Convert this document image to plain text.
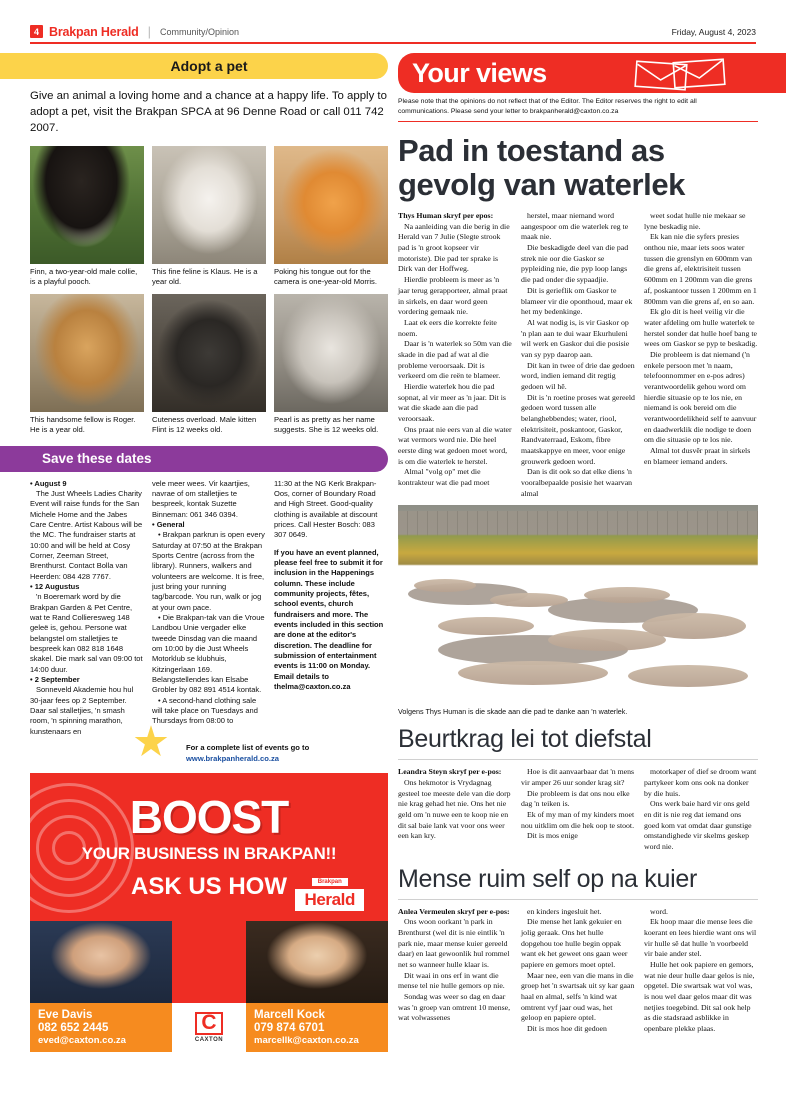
4 Brakpan Herald | Community/Opinion	Friday, August 4, 2023
Adopt a pet
Give an animal a loving home and a chance at a happy life. To apply to adopt a pet, visit the Brakpan SPCA at 96 Denne Road or call 011 742 2007.
Finn, a two-year-old male collie, is a playful pooch.
This fine feline is Klaus. He is a year old.
Poking his tongue out for the camera is one-year-old Morris.
This handsome fellow is Roger. He is a year old.
Cuteness overload. Male kitten Flint is 12 weeks old.
Pearl is as pretty as her name suggests. She is 12 weeks old.
Save these dates

• August 9

The Just Wheels Ladies Charity Event will raise funds for the San Michele Home and the Jabes Care Centre. Artist Kabous will be the MC. The fundraiser starts at 10:00 and will be held at Cosy Corner, Zeeman Street, Brenthurst. Contact Bolla van Heerden: 084 428 7767.

• 12 Augustus

'n Boeremark word by die Brakpan Garden & Pet Centre, wat te Rand Collieresweg 148 geleë is, gehou. Persone wat belangstel om stalletjies te bespreek kan 082 818 1648 skakel. Die mark sal van 09:00 tot 14:00 duur.

• 2 September

Sonneveld Akademie hou hul 30-jaar fees op 2 September. Daar sal stalletjies, 'n smash room, 'n spinning marathon, kunstenaars en

vele meer wees. Vir kaartjies, navrae of om stalletjies te bespreek, kontak Suzette Binneman: 061 346 0394.

• General

• Brakpan parkrun is open every Saturday at 07:50 at the Brakpan Sports Centre (across from the library). Runners, walkers and volunteers are welcome. It is free, just bring your running tag/barcode. You run, walk or jog at your own pace.

• Die Brakpan-tak van die Vroue Landbou Unie vergader elke tweede Dinsdag van die maand om 10:00 by die Just Wheels Motorklub se klubhuis, Kitzingerlaan 169. Belangstellendes kan Elsabe Grobler by 082 891 4514 kontak.

• A second-hand clothing sale will take place on Tuesdays and Thursdays from 08:00 to

11:30 at the NG Kerk Brakpan-Oos, corner of Boundary Road and High Street. Good-quality clothing is available at discount prices. Call Hester Bosch: 083 307 0649.

If you have an event planned, please feel free to submit it for inclusion in the Happenings column. These include community projects, fêtes, school events, church fundraisers and more. The events included in this section are done at the editor's discretion. The deadline for submission of entertainment events is 11:00 on Monday. Email details to thelma@caxton.co.za

For a complete list of events go to
www.brakpanherald.co.za
BOOST
YOUR BUSINESS IN BRAKPAN!!
ASK US HOW	Brakpan
Herald
Eve Davis
082 652 2445
eved@caxton.co.za
C
CAXTON
Marcell Kock
079 874 6701
marcellk@caxton.co.za
Your views
Please note that the opinions do not reflect that of the Editor. The Editor reserves the right to edit all communications. Please send your letter to brakpanherald@caxton.co.za
Pad in toestand as gevolg van waterlek

Thys Human skryf per epos:

Na aanleiding van die berig in die Herald van 7 Julie (Slegte strook pad is 'n groot kopseer vir motoriste). Die pad ter sprake is Dirk van der Hoffweg.

Hierdie probleem is meer as 'n jaar terug gerapporteer, almal praat in sirkels, en daar word geen vordering gemaak nie.

Laat ek eers die korrekte feite noem.

Daar is 'n waterlek so 50m van die skade in die pad af wat al die probleme veroorsaak. Dit is verkeerd om die reën te blameer.

Hierdie waterlek hou die pad sopnat, al vir meer as 'n jaar. Dit is wat die skade aan die pad veroorsaak.

Ons praat nie eers van al die water wat vermors word nie. Die heel eerste ding wat gedoen moet word, is om die waterlek te herstel.

Almal "volg op" met die kontrakteur wat die pad moet

herstel, maar niemand word aangespoor om die waterlek reg te maak nie.

Die beskadigde deel van die pad strek nie oor die Gaskor se pypleiding nie, die pyp loop langs die pad onder die sypaadjie.

Dit is gerieflik om Gaskor te blameer vir die oponthoud, maar ek het my bedenkinge.

Al wat nodig is, is vir Gaskor op 'n plan aan te dui waar Ekurhuleni wil werk en Gaskor dui die posisie van sy pyp daarop aan.

Dit kan in twee of drie dae gedoen word, indien iemand dit regtig gedoen wil hê.

Dit is 'n roetine proses wat gereeld gedoen word tussen alle belanghebbendes; water, riool, elektrisiteit, poskantoor, Gaskor, Randvaterraad, Eskom, fibre maatskappye en meer, voor enige grouwerk gedoen word.

Dan is dit ook so dat elke diens 'n vooralbepaalde posisie het waarvan almal

weet sodat hulle nie mekaar se lyne beskadig nie.

Ek kan nie die syfers presies onthou nie, maar iets soos water tussen die grenslyn en 600mm van die grens af, elektrisiteit tussen 600mm en 1 200mm van die grens af, poskantoor tussen 1 200mm en 1 800mm van die grens af, en so aan.

Ek glo dit is heel veilig vir die water afdeling om hulle waterlek te herstel sonder dat hulle hoef bang te wees om Gaskor se pyp te beskadig.

Die probleem is dat niemand ('n enkele persoon met 'n naam, telefoonnommer en e-pos adres) verantwoordelik gehou word om hierdie situasie op te los nie, en niemand is ook bereid om die verantwoordelikheid self te aanvuur en daadwerklik die nodige te doen om die situasie op te los nie.

Almal tot dusvêr praat in sirkels en blameer iemand anders.

Volgens Thys Human is die skade aan die pad te danke aan 'n waterlek.
Beurtkrag lei tot diefstal

Leandra Steyn skryf per e-pos:

Ons hekmotor is Vrydagnag gesteel toe meeste dele van die dorp nie krag gehad het nie. Ons het nie geld om 'n nuwe een te koop nie en dit sal baie lank vat voor ons weer een kan kry.

Hoe is dit aanvaarbaar dat 'n mens vir amper 26 uur sonder krag sit?

Die probleem is dat ons nou elke dag 'n teiken is.

Ek of my man of my kinders moet nou uitklim om die hek oop te stoot.

Dit is mos enige

motorkaper of dief se droom want partykeer kom ons ook na donker by die huis.

Ons werk baie hard vir ons geld en dit is nie reg dat iemand ons goed kom vat omdat daar gunstige omstandighede vir skelms geskep word nie.

Mense ruim self op na kuier

Anlea Vermeulen skryf per e-pos:

Ons woon oorkant 'n park in Brenthurst (wel dit is nie eintlik 'n park nie, maar mense kuier gereeld daar) en laat gewoonlik hul rommel net so wanneer hulle klaar is.

Dit waai in ons erf in want die mense tel nie hulle gemors op nie.

Sondag was weer so dag en daar was 'n groep van omtrent 10 mense, wat volwassenes

en kinders ingesluit het.

Die mense het lank gekuier en jolig geraak. Ons het hulle dopgehou toe hulle begin oppak want ek het geweet ons gaan weer papiere en gemors moet optel.

Maar nee, een van die mans in die groep het 'n swartsak uit sy kar gaan haal en almal, selfs 'n kind wat omtrent vyf jaar oud was, het geloop en papiere optel.

Dit is mos hoe dit gedoen

word.

Ek hoop maar die mense lees die koerant en lees hierdie want ons wil vir hulle sê dat hulle 'n voorbeeld vir baie ander stel.

Hulle het ook papiere en gemors, wat nie deur hulle daar gelos is nie, opgetel. Die swartsak wat vol was, is nou wel daar gelos maar dit was netjies toegebind. Dit sal ook help as die stadsraad asblikke in openbare plekke plaas.
